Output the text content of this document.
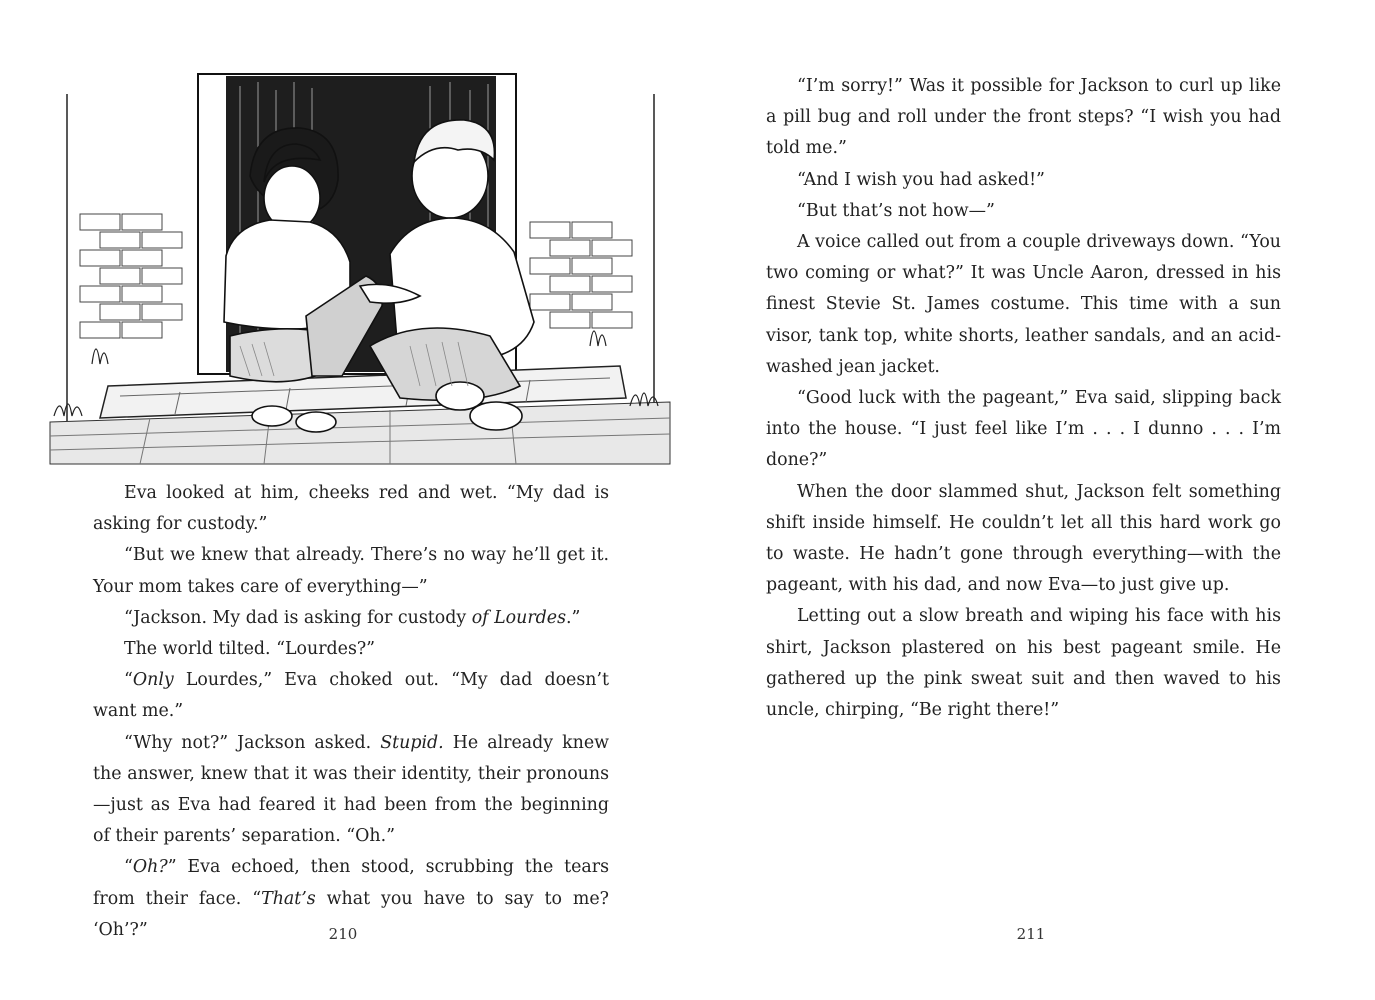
Eva looked at him, cheeks red and wet. “My dad is asking for custody.”

“But we knew that already. There’s no way he’ll get it. Your mom takes care of everything—”

“Jackson. My dad is asking for custody of Lourdes.”

The world tilted. “Lourdes?”

“Only Lourdes,” Eva choked out. “My dad doesn’t want me.”

“Why not?” Jackson asked. Stupid. He already knew the answer, knew that it was their identity, their pronouns—just as Eva had feared it had been from the beginning of their parents’ separation. “Oh.”

“Oh?” Eva echoed, then stood, scrubbing the tears from their face. “That’s what you have to say to me? ‘Oh’?”	210

“I’m sorry!” Was it possible for Jackson to curl up like a pill bug and roll under the front steps? “I wish you had told me.”

“And I wish you had asked!”

“But that’s not how—”

A voice called out from a couple driveways down. “You two coming or what?” It was Uncle Aaron, dressed in his finest Stevie St. James costume. This time with a sun visor, tank top, white shorts, leather sandals, and an acid-washed jean jacket.

“Good luck with the pageant,” Eva said, slipping back into the house. “I just feel like I’m . . . I dunno . . . I’m done?”

When the door slammed shut, Jackson felt something shift inside himself. He couldn’t let all this hard work go to waste. He hadn’t gone through everything—with the pageant, with his dad, and now Eva—to just give up.

Letting out a slow breath and wiping his face with his shirt, Jackson plastered on his best pageant smile. He gathered up the pink sweat suit and then waved to his uncle, chirping, “Be right there!”

211
